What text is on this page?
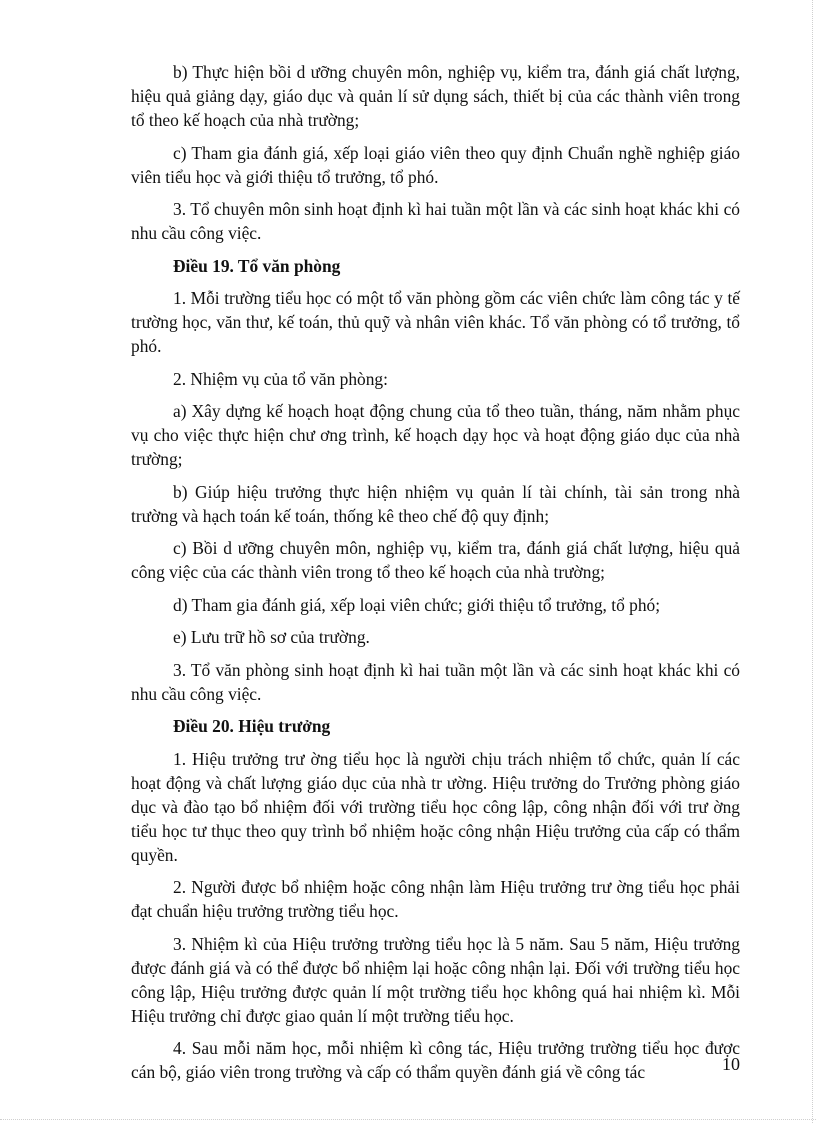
b) Thực hiện bồi d ưỡng chuyên môn, nghiệp vụ, kiểm tra, đánh giá chất lượng, hiệu quả giảng dạy, giáo dục và quản lí sử dụng sách, thiết bị của các thành viên trong tổ theo kế hoạch của nhà trường;

c) Tham gia đánh giá, xếp loại giáo viên theo quy định Chuẩn nghề nghiệp giáo viên tiểu học và giới thiệu tổ trưởng, tổ phó.

3. Tổ chuyên môn sinh hoạt định kì hai tuần một lần và các sinh hoạt khác khi có nhu cầu công việc.

Điều 19. Tổ văn phòng

1. Mỗi trường tiểu học có một tổ văn phòng gồm các viên chức làm công tác y tế trường học, văn thư, kế toán, thủ quỹ và nhân viên khác. Tổ văn phòng có tổ trưởng, tổ phó.

2. Nhiệm vụ của tổ văn phòng:

a) Xây dựng kế hoạch hoạt động chung của tổ theo tuần, tháng, năm nhằm phục vụ cho việc thực hiện chư ơng trình, kế hoạch dạy học và hoạt động giáo dục của nhà trường;

b) Giúp hiệu trưởng thực hiện nhiệm vụ quản lí tài chính, tài sản trong nhà trường và hạch toán kế toán, thống kê theo chế độ quy định;

c) Bồi d ưỡng chuyên môn, nghiệp vụ, kiểm tra, đánh giá chất lượng, hiệu quả công việc của các thành viên trong tổ theo kế hoạch của nhà trường;

d) Tham gia đánh giá, xếp loại viên chức; giới thiệu tổ trưởng, tổ phó;

e) Lưu trữ hồ sơ của trường.

3. Tổ văn phòng sinh hoạt định kì hai tuần một lần và các sinh hoạt khác khi có nhu cầu công việc.

Điều 20. Hiệu trưởng

1. Hiệu trưởng trư ờng tiểu học là người chịu trách nhiệm tổ chức, quản lí các hoạt động và chất lượng giáo dục của nhà tr ường. Hiệu trưởng do Trưởng phòng giáo dục và đào tạo bổ nhiệm đối với trường tiểu học công lập, công nhận đối với trư ờng tiểu học tư thục theo quy trình bổ nhiệm hoặc công nhận Hiệu trưởng của cấp có thẩm quyền.

2. Người được bổ nhiệm hoặc công nhận làm Hiệu trưởng trư ờng tiểu học phải đạt chuẩn hiệu trưởng trường tiểu học.

3. Nhiệm kì của Hiệu trưởng trường tiểu học là 5 năm. Sau 5 năm, Hiệu trưởng được đánh giá và có thể được bổ nhiệm lại hoặc công nhận lại. Đối với trường tiểu học công lập, Hiệu trưởng được quản lí một trường tiểu học không quá hai nhiệm kì. Mỗi Hiệu trưởng chỉ được giao quản lí một trường tiểu học.

4. Sau mỗi năm học, mỗi nhiệm kì công tác, Hiệu trưởng trường tiểu học được cán bộ, giáo viên trong trường và cấp có thẩm quyền đánh giá về công tác	10
